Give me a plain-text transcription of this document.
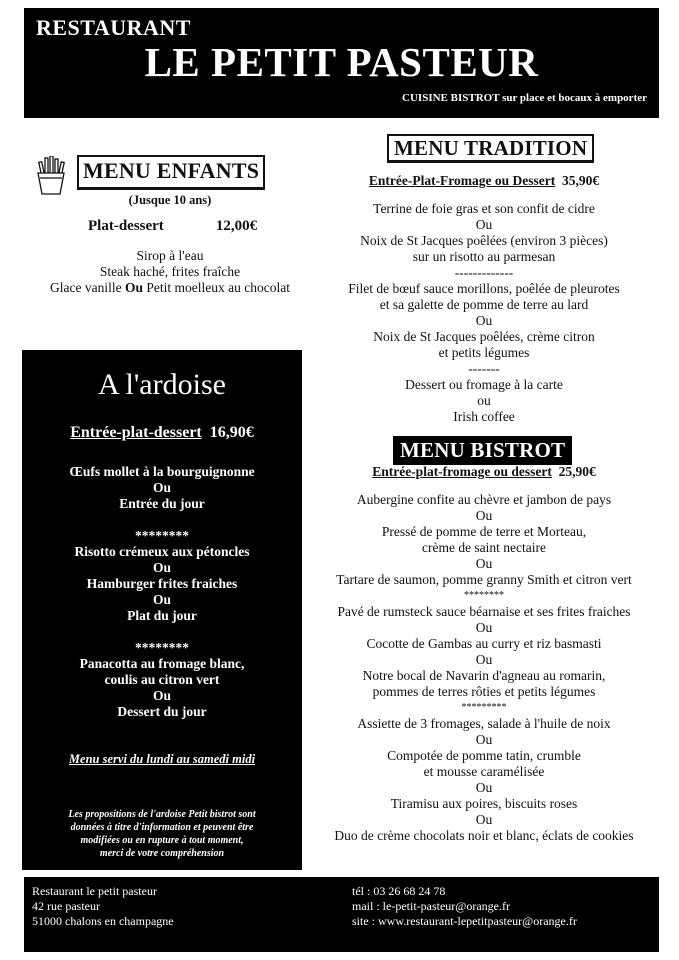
RESTAURANT
LE PETIT PASTEUR
CUISINE BISTROT sur place et bocaux à emporter
MENU ENFANTS
(Jusque 10 ans)
Plat-dessert	12,00€
Sirop à l'eau
Steak haché, frites fraîche
Glace vanille Ou Petit moelleux au chocolat
A l'ardoise
Entrée-plat-dessert 16,90€
Œufs mollet à la bourguignonne
Ou
Entrée du jour
********
Risotto crémeux aux pétoncles
Ou
Hamburger frites fraiches
Ou
Plat du jour
********
Panacotta au fromage blanc,
coulis au citron vert
Ou
Dessert du jour
Menu servi du lundi au samedi midi
Les propositions de l'ardoise Petit bistrot sont
données à titre d'information et peuvent être
modifiées ou en rupture à tout moment,
merci de votre compréhension
MENU TRADITION
Entrée-Plat-Fromage ou Dessert 35,90€
Terrine de foie gras et son confit de cidre
Ou
Noix de St Jacques poêlées (environ 3 pièces)
sur un risotto au parmesan
-------------
Filet de bœuf sauce morillons, poêlée de pleurotes
et sa galette de pomme de terre au lard
Ou
Noix de St Jacques poêlées, crème citron
et petits légumes
-------
Dessert ou fromage à la carte
ou
Irish coffee
MENU BISTROT
Entrée-plat-fromage ou dessert 25,90€
Aubergine confite au chèvre et jambon de pays
Ou
Pressé de pomme de terre et Morteau,
crème de saint nectaire
Ou
Tartare de saumon, pomme granny Smith et citron vert
********
Pavé de rumsteck sauce béarnaise et ses frites fraiches
Ou
Cocotte de Gambas au curry et riz basmasti
Ou
Notre bocal de Navarin d'agneau au romarin,
pommes de terres rôties et petits légumes
*********
Assiette de 3 fromages, salade à l'huile de noix
Ou
Compotée de pomme tatin, crumble
et mousse caramélisée
Ou
Tiramisu aux poires, biscuits roses
Ou
Duo de crème chocolats noir et blanc, éclats de cookies
Restaurant le petit pasteur
42 rue pasteur
51000 chalons en champagne
tél : 03 26 68 24 78
mail : le-petit-pasteur@orange.fr
site : www.restaurant-lepetitpasteur@orange.fr
